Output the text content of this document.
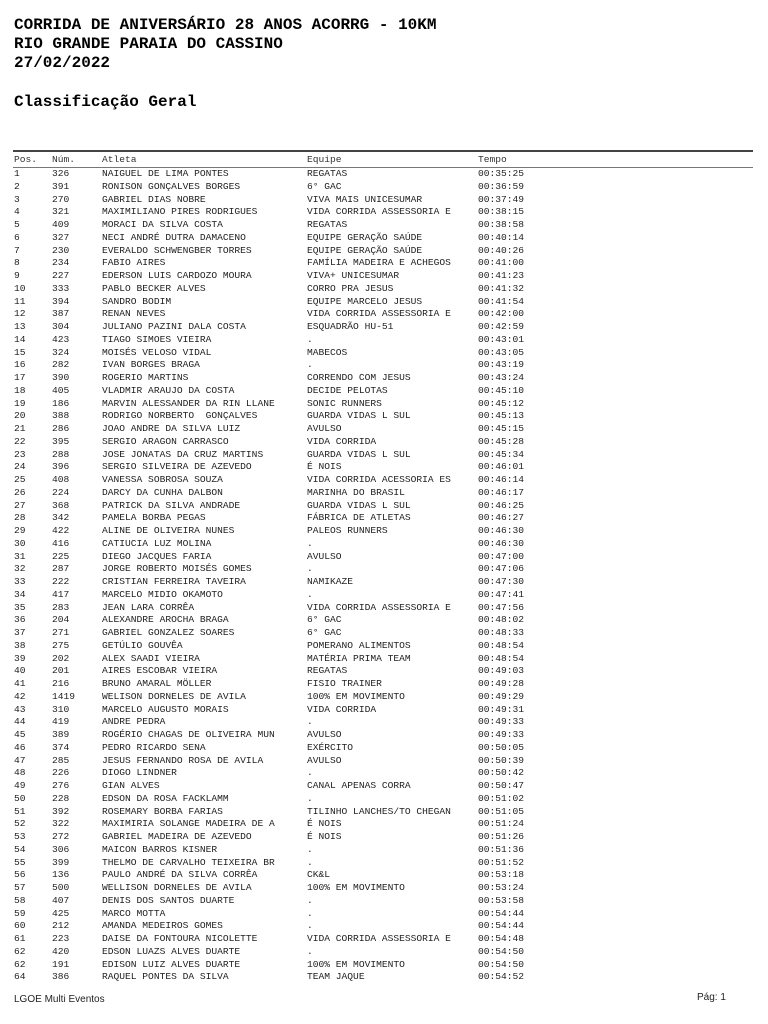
CORRIDA DE ANIVERSÁRIO 28 ANOS ACORRG - 10KM
RIO GRANDE PARAIA DO CASSINO
27/02/2022
Classificação Geral
Pos.	Núm.	Atleta	Equipe	Tempo
1	326	NAIGUEL DE LIMA PONTES	REGATAS	00:35:25
2	391	RONISON GONÇALVES BORGES	6° GAC	00:36:59
3	270	GABRIEL DIAS NOBRE	VIVA MAIS UNICESUMAR	00:37:49
4	321	MAXIMILIANO PIRES RODRIGUES	VIDA CORRIDA ASSESSORIA E	00:38:15
5	409	MORACI DA SILVA COSTA	REGATAS	00:38:58
6	327	NECI ANDRÉ DUTRA DAMACENO	EQUIPE GERAÇÃO SAÚDE	00:40:14
7	230	EVERALDO SCHWENGBER TORRES	EQUIPE GERAÇÃO SAÚDE	00:40:26
8	234	FABIO AIRES	FAMÍLIA MADEIRA E ACHEGOS	00:41:00
9	227	EDERSON LUIS CARDOZO MOURA	VIVA+ UNICESUMAR	00:41:23
10	333	PABLO BECKER ALVES	CORRO PRA JESUS	00:41:32
11	394	SANDRO BODIM	EQUIPE MARCELO JESUS	00:41:54
12	387	RENAN NEVES	VIDA CORRIDA ASSESSORIA E	00:42:00
13	304	JULIANO PAZINI DALA COSTA	ESQUADRÃO HU-51	00:42:59
14	423	TIAGO SIMOES VIEIRA	.	00:43:01
15	324	MOISÉS VELOSO VIDAL	MABECOS	00:43:05
16	282	IVAN BORGES BRAGA	.	00:43:19
17	390	ROGERIO MARTINS	CORRENDO COM JESUS	00:43:24
18	405	VLADMIR ARAUJO DA COSTA	DECIDE PELOTAS	00:45:10
19	186	MARVIN ALESSANDER DA RIN LLANE	SONIC RUNNERS	00:45:12
20	388	RODRIGO NORBERTO  GONÇALVES	GUARDA VIDAS L SUL	00:45:13
21	286	JOAO ANDRE DA SILVA LUIZ	AVULSO	00:45:15
22	395	SERGIO ARAGON CARRASCO	VIDA CORRIDA	00:45:28
23	288	JOSE JONATAS DA CRUZ MARTINS	GUARDA VIDAS L SUL	00:45:34
24	396	SERGIO SILVEIRA DE AZEVEDO	É NOIS	00:46:01
25	408	VANESSA SOBROSA SOUZA	VIDA CORRIDA ACESSORIA ES	00:46:14
26	224	DARCY DA CUNHA DALBON	MARINHA DO BRASIL	00:46:17
27	368	PATRICK DA SILVA ANDRADE	GUARDA VIDAS L SUL	00:46:25
28	342	PAMELA BORBA PEGAS	FÁBRICA DE ATLETAS	00:46:27
29	422	ALINE DE OLIVEIRA NUNES	PALEOS RUNNERS	00:46:30
30	416	CATIUCIA LUZ MOLINA	.	00:46:30
31	225	DIEGO JACQUES FARIA	AVULSO	00:47:00
32	287	JORGE ROBERTO MOISÉS GOMES	.	00:47:06
33	222	CRISTIAN FERREIRA TAVEIRA	NAMIKAZE	00:47:30
34	417	MARCELO MIDIO OKAMOTO	.	00:47:41
35	283	JEAN LARA CORRÊA	VIDA CORRIDA ASSESSORIA E	00:47:56
36	204	ALEXANDRE AROCHA BRAGA	6° GAC	00:48:02
37	271	GABRIEL GONZALEZ SOARES	6° GAC	00:48:33
38	275	GETÚLIO GOUVÊA	POMERANO ALIMENTOS	00:48:54
39	202	ALEX SAADI VIEIRA	MATÉRIA PRIMA TEAM	00:48:54
40	201	AIRES ESCOBAR VIEIRA	REGATAS	00:49:03
41	216	BRUNO AMARAL MÖLLER	FISIO TRAINER	00:49:28
42	1419	WELISON DORNELES DE AVILA	100% EM MOVIMENTO	00:49:29
43	310	MARCELO AUGUSTO MORAIS	VIDA CORRIDA	00:49:31
44	419	ANDRE PEDRA	.	00:49:33
45	389	ROGÉRIO CHAGAS DE OLIVEIRA MUN	AVULSO	00:49:33
46	374	PEDRO RICARDO SENA	EXÉRCITO	00:50:05
47	285	JESUS FERNANDO ROSA DE AVILA	AVULSO	00:50:39
48	226	DIOGO LINDNER	.	00:50:42
49	276	GIAN ALVES	CANAL APENAS CORRA	00:50:47
50	228	EDSON DA ROSA FACKLAMM	.	00:51:02
51	392	ROSEMARY BORBA FARIAS	TILINHO LANCHES/TO CHEGAN	00:51:05
52	322	MAXIMIRIA SOLANGE MADEIRA DE A	É NOIS	00:51:24
53	272	GABRIEL MADEIRA DE AZEVEDO	É NOIS	00:51:26
54	306	MAICON BARROS KISNER	.	00:51:36
55	399	THELMO DE CARVALHO TEIXEIRA BR	.	00:51:52
56	136	PAULO ANDRÉ DA SILVA CORRÊA	CK&L	00:53:18
57	500	WELLISON DORNELES DE AVILA	100% EM MOVIMENTO	00:53:24
58	407	DENIS DOS SANTOS DUARTE	.	00:53:58
59	425	MARCO MOTTA	.	00:54:44
60	212	AMANDA MEDEIROS GOMES	.	00:54:44
61	223	DAISE DA FONTOURA NICOLETTE	VIDA CORRIDA ASSESSORIA E	00:54:48
62	420	EDSON LUAZS ALVES DUARTE	.	00:54:50
62	191	EDISON LUIZ ALVES DUARTE	100% EM MOVIMENTO	00:54:50
64	386	RAQUEL PONTES DA SILVA	TEAM JAQUE	00:54:52
LGOE Multi Eventos	Pág: 1
